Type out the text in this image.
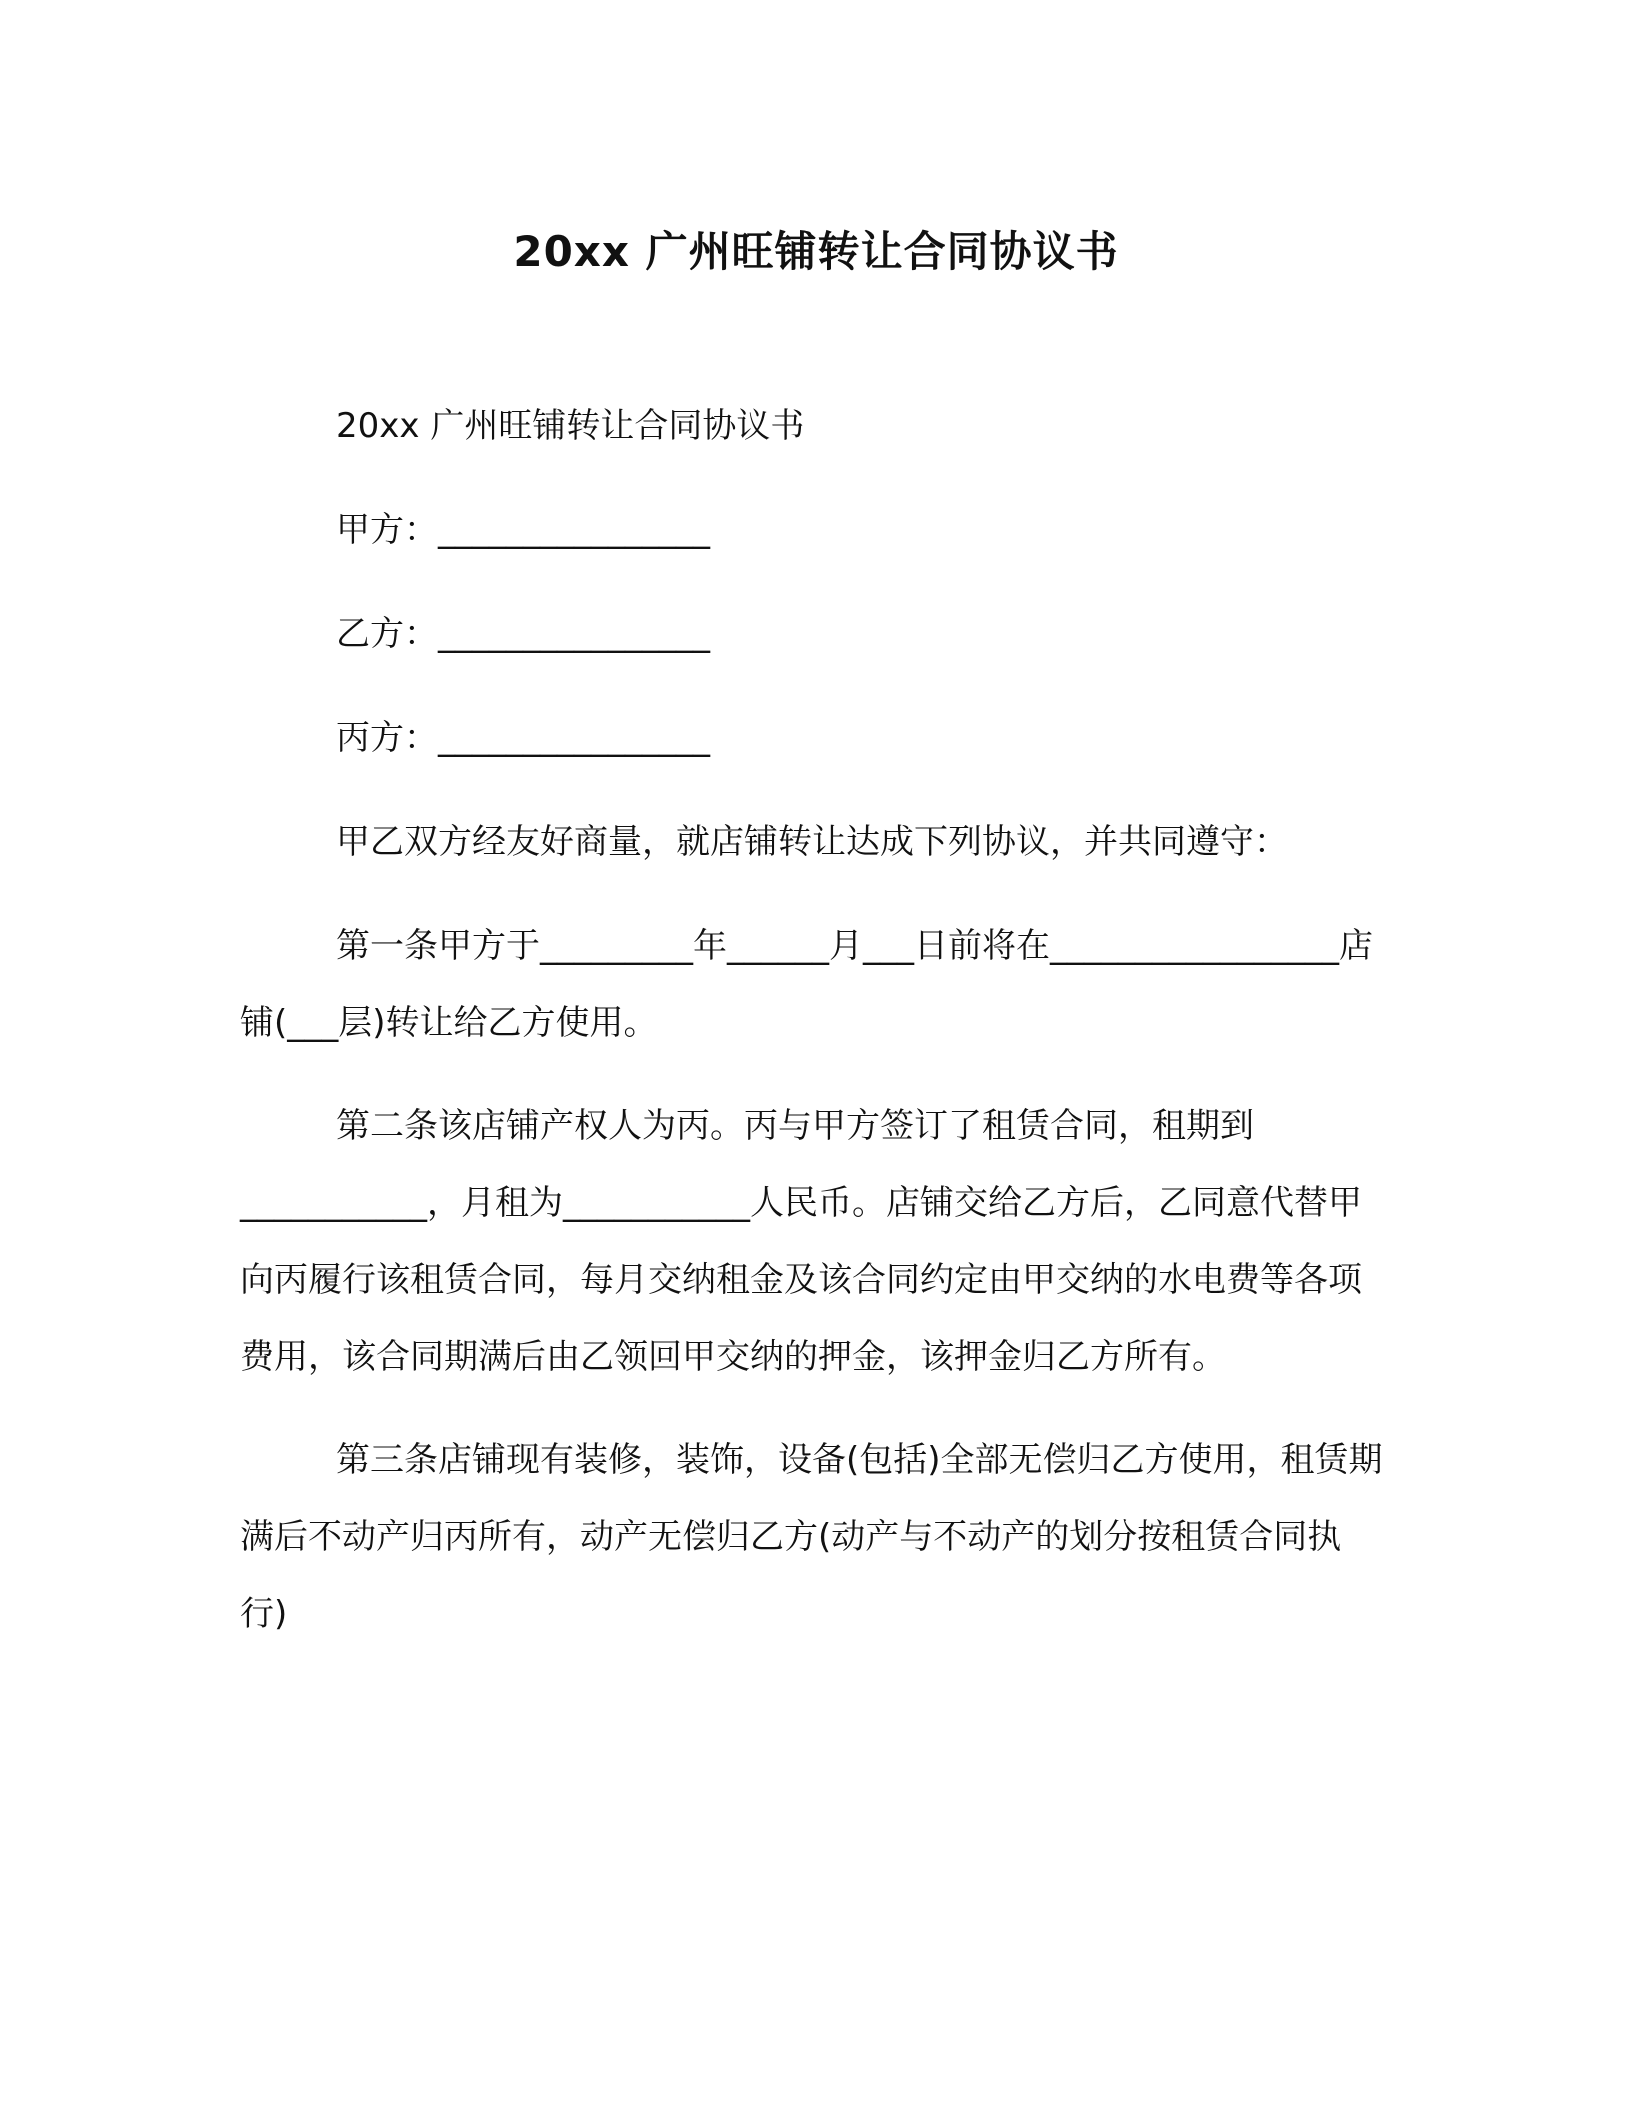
20xx 广州旺铺转让合同协议书

20xx 广州旺铺转让合同协议书

甲方：________________

乙方：________________

丙方：________________

甲乙双方经友好商量，就店铺转让达成下列协议，并共同遵守：

第一条甲方于_________年______月___日前将在_________________店铺(___层)转让给乙方使用。

第二条该店铺产权人为丙。丙与甲方签订了租赁合同，租期到___________，月租为___________人民币。店铺交给乙方后，乙同意代替甲向丙履行该租赁合同，每月交纳租金及该合同约定由甲交纳的水电费等各项费用，该合同期满后由乙领回甲交纳的押金，该押金归乙方所有。

第三条店铺现有装修，装饰，设备(包括)全部无偿归乙方使用，租赁期满后不动产归丙所有，动产无偿归乙方(动产与不动产的划分按租赁合同执行)
